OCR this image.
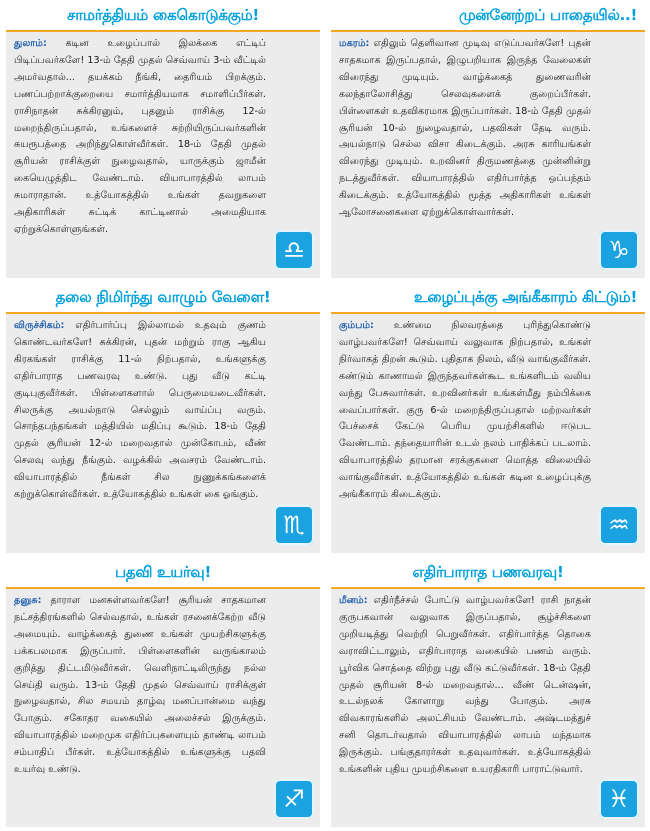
சாமர்த்தியம் கைகொடுக்கும்!
துலாம்: கடின உழைப்பால் இலக்கை எட்டிப் பிடிப்பவர்களே! 13-ம் தேதி முதல் செவ்வாய் 3-ம் வீட்டில் அமர்வதால்... தயக்கம் நீங்கி, தைரியம் பிறக்கும். பணப்பற்றாக்குறையை சமார்த்தியமாக சமாளிப்பீர்கள். ராசிநாதன் சுக்கிரனும், புதனும் ராசிக்கு 12-ல் மறைந்திருப்பதால், உங்களைச் சுற்றியிருப்பவர்களின் சுயரூபத்தை அறிந்துகொள்வீர்கள். 18-ம் தேதி முதல் சூரியன் ராசிக்குள் நுழைவதால், யாருக்கும் ஜாமீன் கையெழுத்திட வேண்டாம். வியாபாரத்தில் லாபம் சுமாராதான். உத்யோகத்தில் உங்கள் தவறுகளை அதிகாரிகள் சுட்டிக் காட்டினால் அமைதியாக ஏற்றுக்கொள்ளுங்கள்.
♎
முன்னேற்றப் பாதையில்..!
மகரம்: எதிலும் தெளிவான முடிவு எடுப்பவர்களே! புதன் சாதகமாக இருப்பதால், இழுபறியாக இருந்த வேலைகள் விரைந்து முடியும். வாழ்க்கைத் துணைவரின் கலந்தாலோசித்து செலவுகளைக் குறைப்பீர்கள். பிள்ளைகள் உதவிகரமாக இருப்பார்கள். 18-ம் தேதி முதல் சூரியன் 10-ல் நுழைவதால், பதவிகள் தேடி வரும். அயல்நாடு செல்ல விசா கிடைக்கும். அரசு காரியங்கள் விரைந்து முடியும். உறவினர் திருமணத்தை முன்னின்று நடத்துவீர்கள். வியாபாரத்தில் எதிர்பார்த்த ஒப்பந்தம் கிடைக்கும். உத்யோகத்தில் மூத்த அதிகாரிகள் உங்கள் ஆலோசனைகளை ஏற்றுக்கொள்வார்கள்.
♑
தலை நிமிர்ந்து வாழும் வேளை!
விருச்சிகம்: எதிர்பார்ப்பு இல்லாமல் உதவும் குணம் கொண்டவர்களே! சுக்கிரன், புதன் மற்றும் ராகு ஆகிய கிரகங்கள் ராசிக்கு 11-ல் நிற்பதால், உங்களுக்கு எதிர்பாராத பணவரவு உண்டு. புது வீடு கட்டி குடிபுகுவீர்கள். பிள்ளைகளால் பெருமையடைவீர்கள். சிலருக்கு அயல்நாடு செல்லும் வாய்ப்பு வரும். சொந்தபந்தங்கள் மத்தியில் மதிப்பு கூடும். 18-ம் தேதி முதல் சூரியன் 12-ல் மறைவதால் முன்கோபம், வீண் செலவு வந்து நீங்கும். வழக்கில் அவசரம் வேண்டாம். வியாபாரத்தில் நீங்கள் சில நுணுக்கங்களைக் கற்றுக்கொள்வீர்கள். உத்யோகத்தில் உங்கள் கை ஓங்கும்.
♏
உழைப்புக்கு அங்கீகாரம் கிட்டும்!
கும்பம்: உண்மை நிலவரத்தை புரிந்துகொண்டு வாழ்பவர்களே! செவ்வாய் வலுவாக நிற்பதால், உங்கள் நிர்வாகத் திறன் கூடும். புதிதாக நிலம், வீடு வாங்குவீர்கள். கண்டும் காணாமல் இருந்தவர்கள்கூட உங்களிடம் வலிய வந்து பேசுவார்கள். உறவினர்கள் உங்கள்மீது நம்பிக்கை வைப்பார்கள். குரு 6-ல் மறைந்திருப்பதால் மற்றவர்கள் பேச்சைக் கேட்டு பெரிய முயற்சிகளில் ஈடுபட வேண்டாம். தந்தையாரின் உடல் நலம் பாதிக்கப் படலாம். வியாபாரத்தில் தரமான சரக்குகளை மொத்த விலையில் வாங்குவீர்கள். உத்யோகத்தில் உங்கள் கடின உழைப்புக்கு அங்கீகாரம் கிடைக்கும்.
♒
பதவி உயர்வு!
தனுசு: தாராள மனசுள்ளவர்களே! சூரியன் சாதகமான நட்சத்திரங்களில் செல்வதால், உங்கள் ரசனைக்கேற்ற வீடு அமையும். வாழ்க்கைத் துணை உங்கள் முயற்சிகளுக்கு பக்கபலமாக இருப்பார். பிள்ளைகளின் வருங்காலம் குறித்து திட்டமிடுவீர்கள். வெளிநாட்டிலிருந்து நல்ல செய்தி வரும். 13-ம் தேதி முதல் செவ்வாய் ராசிக்குள் நுழைவதால், சில சமயம் தாழ்வு மனப்பான்மை வந்து போகும். சகோதர வகையில் அலைச்சல் இருக்கும். வியாபாரத்தில் மறைமுக எதிர்ப்புகளையும் தாண்டி லாபம் சம்பாதிப் பீர்கள். உத்யோகத்தில் உங்களுக்கு பதவி உயர்வு உண்டு.
♐
எதிர்பாராத பணவரவு!
மீனம்: எதிர்நீச்சல் போட்டு வாழ்பவர்களே! ராசி நாதன் குருபகவான் வலுவாக இருப்பதால், சூழ்ச்சிகளை முறியடித்து வெற்றி பெறுவீர்கள். எதிர்பார்த்த தொகை வராவிட்டாலும், எதிர்பாராத வகையில் பணம் வரும். பூர்விக சொத்தை விற்று புது வீடு கட்டுவீர்கள். 18-ம் தேதி முதல் சூரியன் 8-ல் மறைவதால்... வீண் டென்ஷன், உடல்நலக் கோளாறு வந்து போகும். அரசு விவகாரங்களில் அலட்சியம் வேண்டாம். அஷ்டமத்துச் சனி தொடர்வதால் வியாபாரத்தில் லாபம் மந்தமாக இருக்கும். பங்குதாரர்கள் உதவுவார்கள். உத்யோகத்தில் உங்களின் புதிய முயற்சிகளை உயரதிகாரி பாராட்டுவார்.
♓
